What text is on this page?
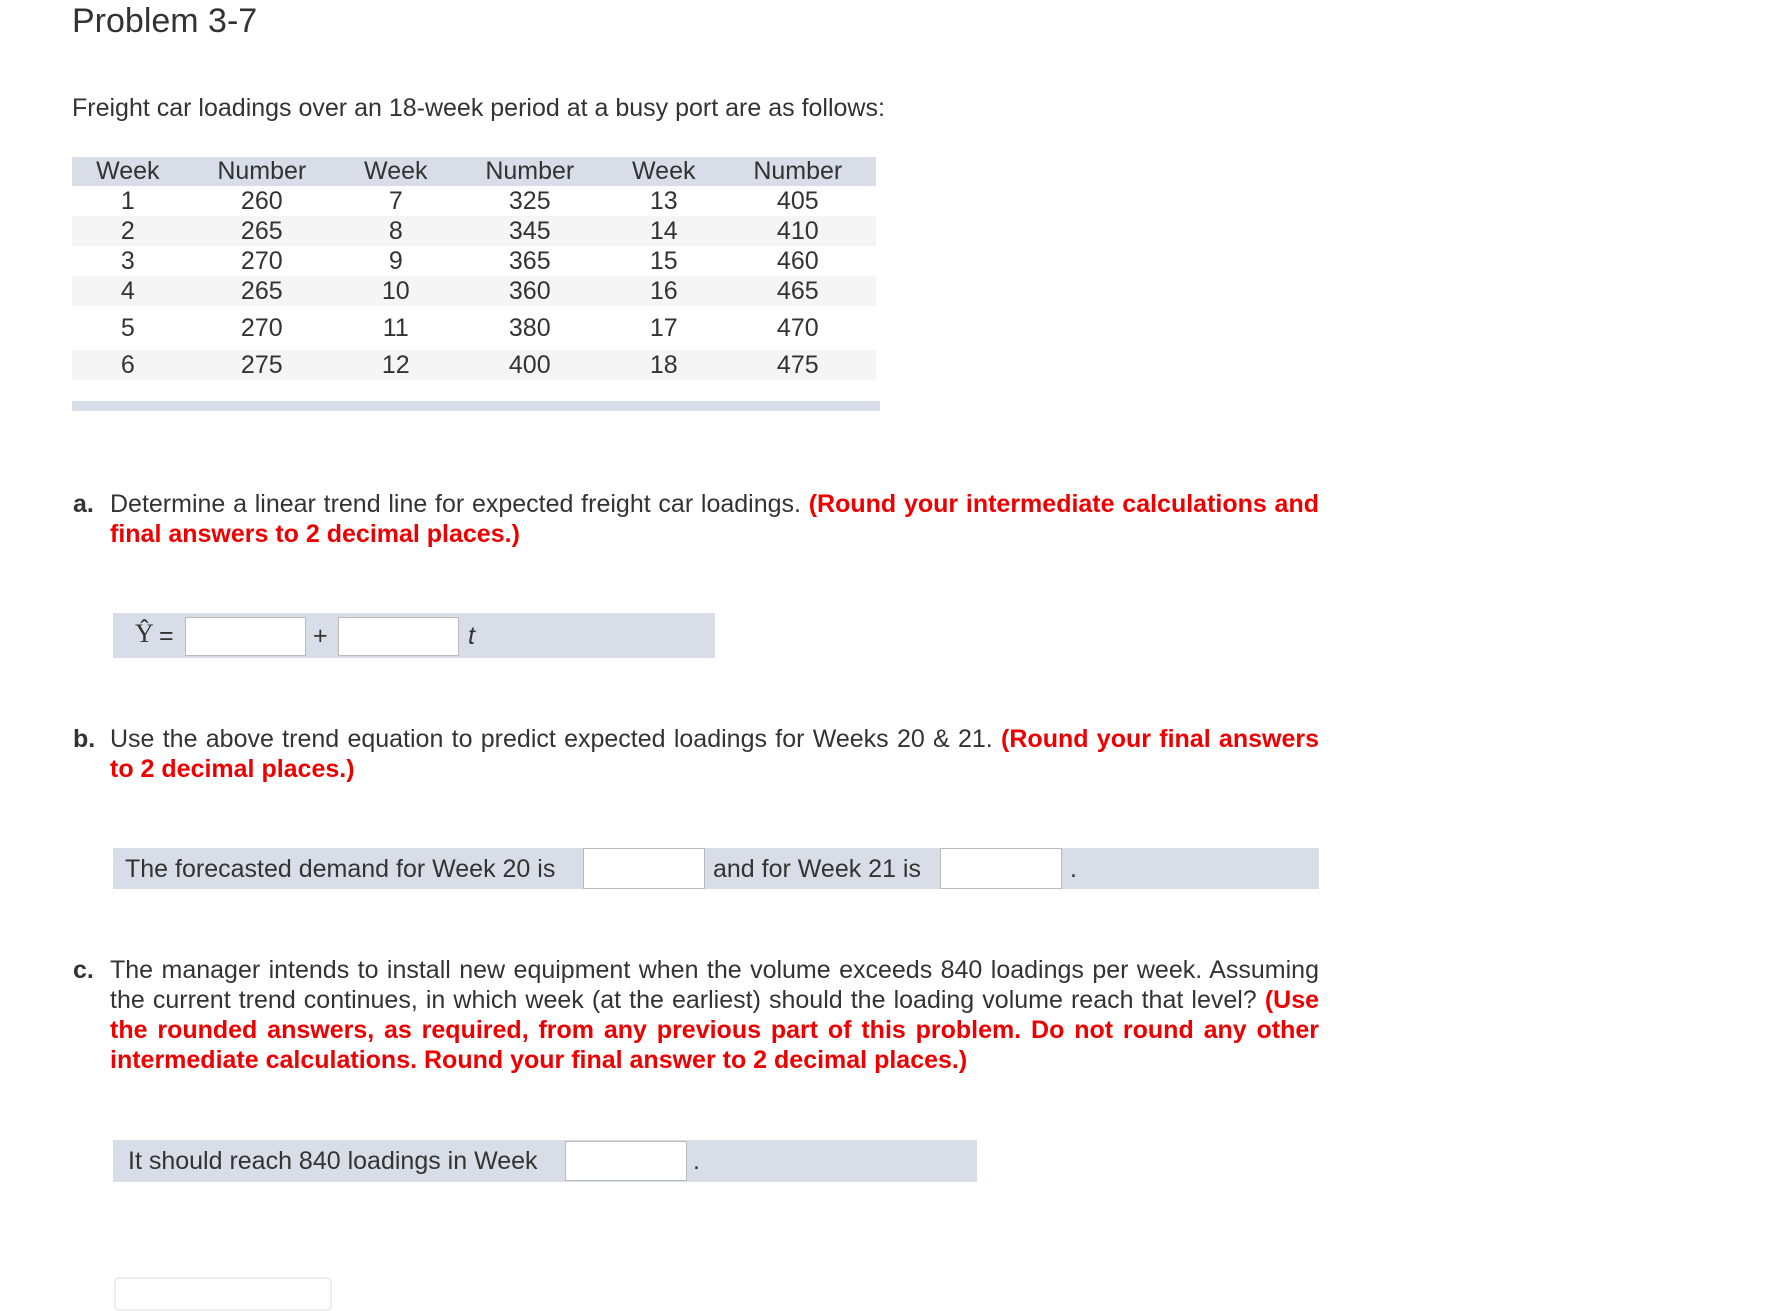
Problem 3-7
Freight car loadings over an 18-week period at a busy port are as follows:
Week	Number	Week	Number	Week	Number
1	260	7	325	13	405
2	265	8	345	14	410
3	270	9	365	15	460
4	265	10	360	16	465
5	270	11	380	17	470
6	275	12	400	18	475
a. Determine a linear trend line for expected freight car loadings. (Round your intermediate calculations and final answers to 2 decimal places.)
Ŷ =	+	t
b. Use the above trend equation to predict expected loadings for Weeks 20 & 21. (Round your final answers to 2 decimal places.)
The forecasted demand for Week 20 is	and for Week 21 is	.
c. The manager intends to install new equipment when the volume exceeds 840 loadings per week. Assuming the current trend continues, in which week (at the earliest) should the loading volume reach that level? (Use the rounded answers, as required, from any previous part of this problem. Do not round any other intermediate calculations. Round your final answer to 2 decimal places.)
It should reach 840 loadings in Week	.
